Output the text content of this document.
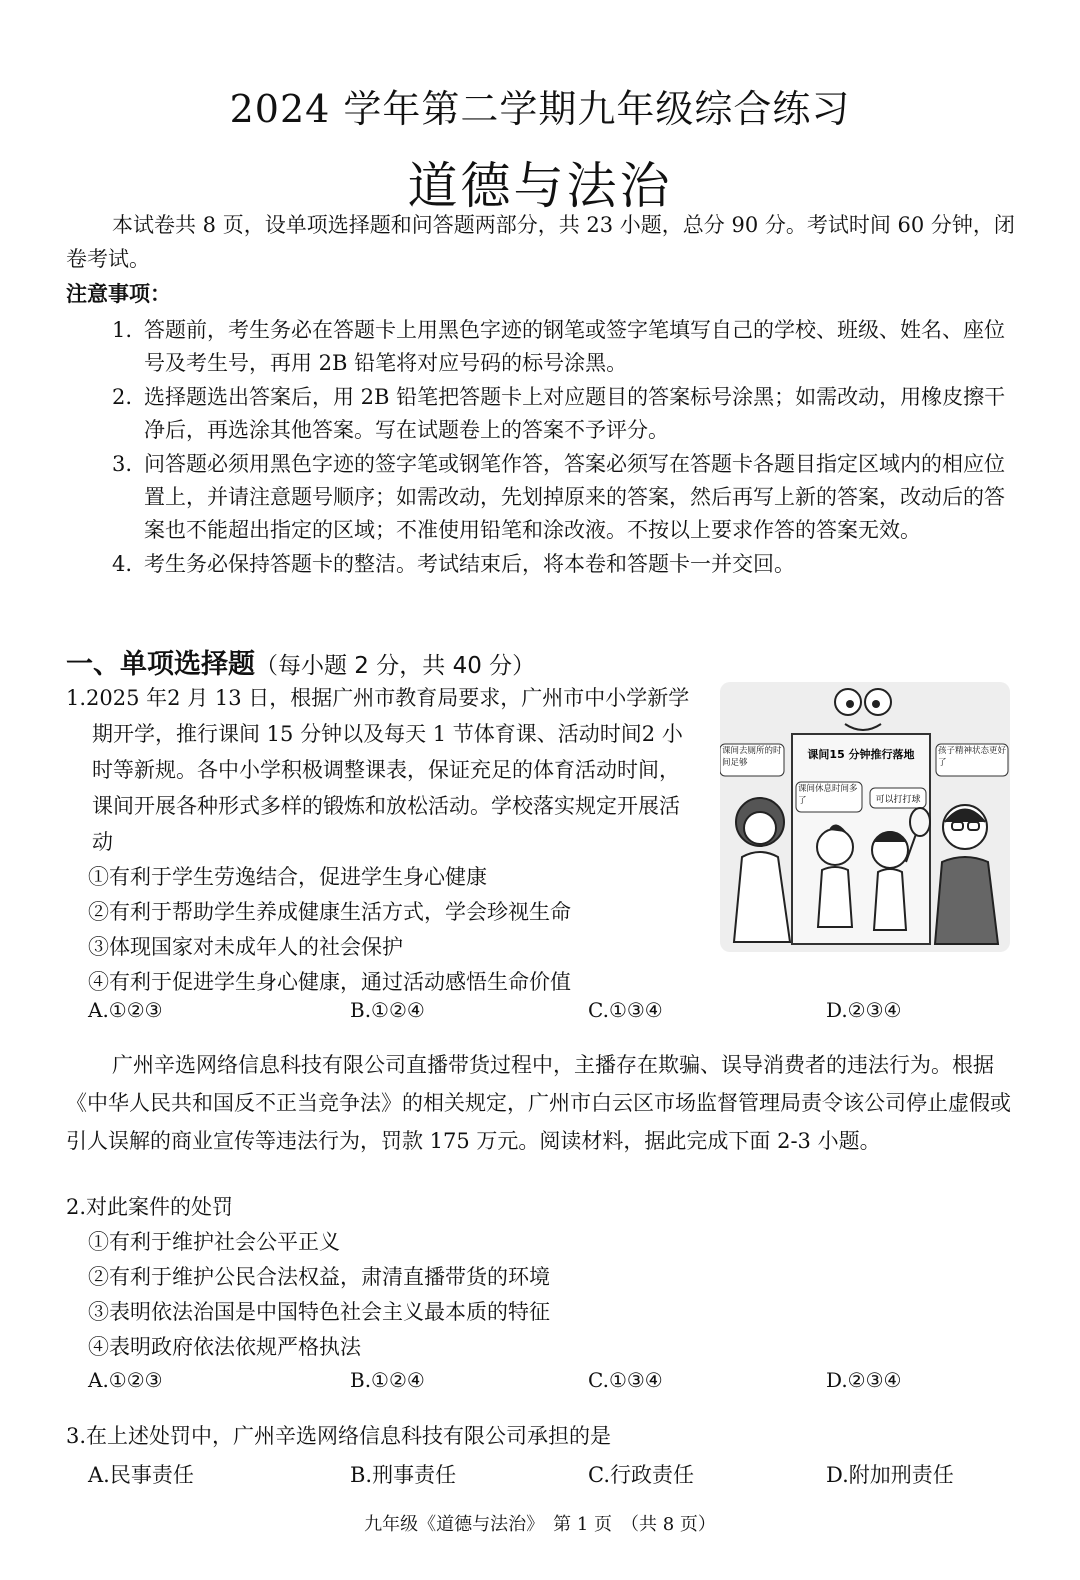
2024 学年第二学期九年级综合练习
道德与法治
本试卷共 8 页，设单项选择题和问答题两部分，共 23 小题，总分 90 分。考试时间 60 分钟，闭卷考试。
注意事项：
1. 答题前，考生务必在答题卡上用黑色字迹的钢笔或签字笔填写自己的学校、班级、姓名、座位号及考生号，再用 2B 铅笔将对应号码的标号涂黑。
2. 选择题选出答案后，用 2B 铅笔把答题卡上对应题目的答案标号涂黑；如需改动，用橡皮擦干净后，再选涂其他答案。写在试题卷上的答案不予评分。
3. 问答题必须用黑色字迹的签字笔或钢笔作答，答案必须写在答题卡各题目指定区域内的相应位置上，并请注意题号顺序；如需改动，先划掉原来的答案，然后再写上新的答案，改动后的答案也不能超出指定的区域；不准使用铅笔和涂改液。不按以上要求作答的答案无效。
4. 考生务必保持答题卡的整洁。考试结束后，将本卷和答题卡一并交回。
一、单项选择题（每小题 2 分，共 40 分）
1.2025 年2 月 13 日，根据广州市教育局要求，广州市中小学新学期开学，推行课间 15 分钟以及每天 1 节体育课、活动时间2 小时等新规。各中小学积极调整课表，保证充足的体育活动时间，课间开展各种形式多样的锻炼和放松活动。学校落实规定开展活动
①有利于学生劳逸结合，促进学生身心健康
②有利于帮助学生养成健康生活方式，学会珍视生命
③体现国家对未成年人的社会保护
④有利于促进学生身心健康，通过活动感悟生命价值
A.①②③	B.①②④	C.①③④	D.②③④
课间15 分钟推行落地
课间去厕所的时间足够
课间休息时间多了	可以打打球
孩子精神状态更好了
广州辛选网络信息科技有限公司直播带货过程中，主播存在欺骗、误导消费者的违法行为。根据《中华人民共和国反不正当竞争法》的相关规定，广州市白云区市场监督管理局责令该公司停止虚假或引人误解的商业宣传等违法行为，罚款 175 万元。阅读材料，据此完成下面 2-3 小题。
2.对此案件的处罚
①有利于维护社会公平正义
②有利于维护公民合法权益，肃清直播带货的环境
③表明依法治国是中国特色社会主义最本质的特征
④表明政府依法依规严格执法
A.①②③	B.①②④	C.①③④	D.②③④
3.在上述处罚中，广州辛选网络信息科技有限公司承担的是
A.民事责任	B.刑事责任	C.行政责任	D.附加刑责任
九年级《道德与法治》　第 1 页　（共 8 页）
